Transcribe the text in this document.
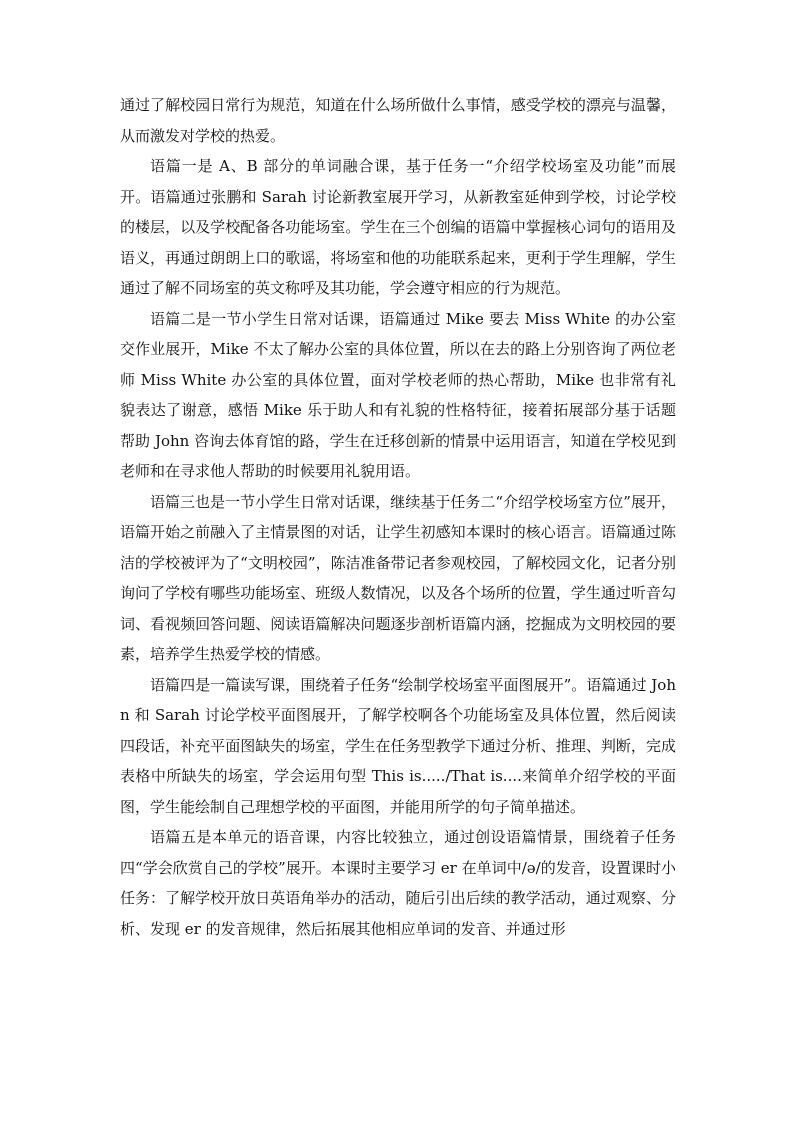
通过了解校园日常行为规范，知道在什么场所做什么事情，感受学校的漂亮与温馨，从而激发对学校的热爱。

语篇一是 A、B 部分的单词融合课，基于任务一“介绍学校场室及功能”而展开。语篇通过张鹏和 Sarah 讨论新教室展开学习，从新教室延伸到学校，讨论学校的楼层，以及学校配备各功能场室。学生在三个创编的语篇中掌握核心词句的语用及语义，再通过朗朗上口的歌谣，将场室和他的功能联系起来，更利于学生理解，学生通过了解不同场室的英文称呼及其功能，学会遵守相应的行为规范。

语篇二是一节小学生日常对话课，语篇通过 Mike 要去 Miss White 的办公室交作业展开，Mike 不太了解办公室的具体位置，所以在去的路上分别咨询了两位老师 Miss White 办公室的具体位置，面对学校老师的热心帮助，Mike 也非常有礼貌表达了谢意，感悟 Mike 乐于助人和有礼貌的性格特征，接着拓展部分基于话题帮助 John 咨询去体育馆的路，学生在迁移创新的情景中运用语言，知道在学校见到老师和在寻求他人帮助的时候要用礼貌用语。

语篇三也是一节小学生日常对话课，继续基于任务二“介绍学校场室方位”展开，语篇开始之前融入了主情景图的对话，让学生初感知本课时的核心语言。语篇通过陈洁的学校被评为了“文明校园”，陈洁准备带记者参观校园，了解校园文化，记者分别询问了学校有哪些功能场室、班级人数情况，以及各个场所的位置，学生通过听音勾词、看视频回答问题、阅读语篇解决问题逐步剖析语篇内涵，挖掘成为文明校园的要素，培养学生热爱学校的情感。

语篇四是一篇读写课，围绕着子任务“绘制学校场室平面图展开”。语篇通过 John 和 Sarah 讨论学校平面图展开，了解学校啊各个功能场室及具体位置，然后阅读四段话，补充平面图缺失的场室，学生在任务型教学下通过分析、推理、判断，完成表格中所缺失的场室，学会运用句型 This is...../That is....来简单介绍学校的平面图，学生能绘制自己理想学校的平面图，并能用所学的句子简单描述。

语篇五是本单元的语音课，内容比较独立，通过创设语篇情景，围绕着子任务四“学会欣赏自己的学校”展开。本课时主要学习 er 在单词中/ə/的发音，设置课时小任务：了解学校开放日英语角举办的活动，随后引出后续的教学活动，通过观察、分析、发现 er 的发音规律，然后拓展其他相应单词的发音、并通过形
